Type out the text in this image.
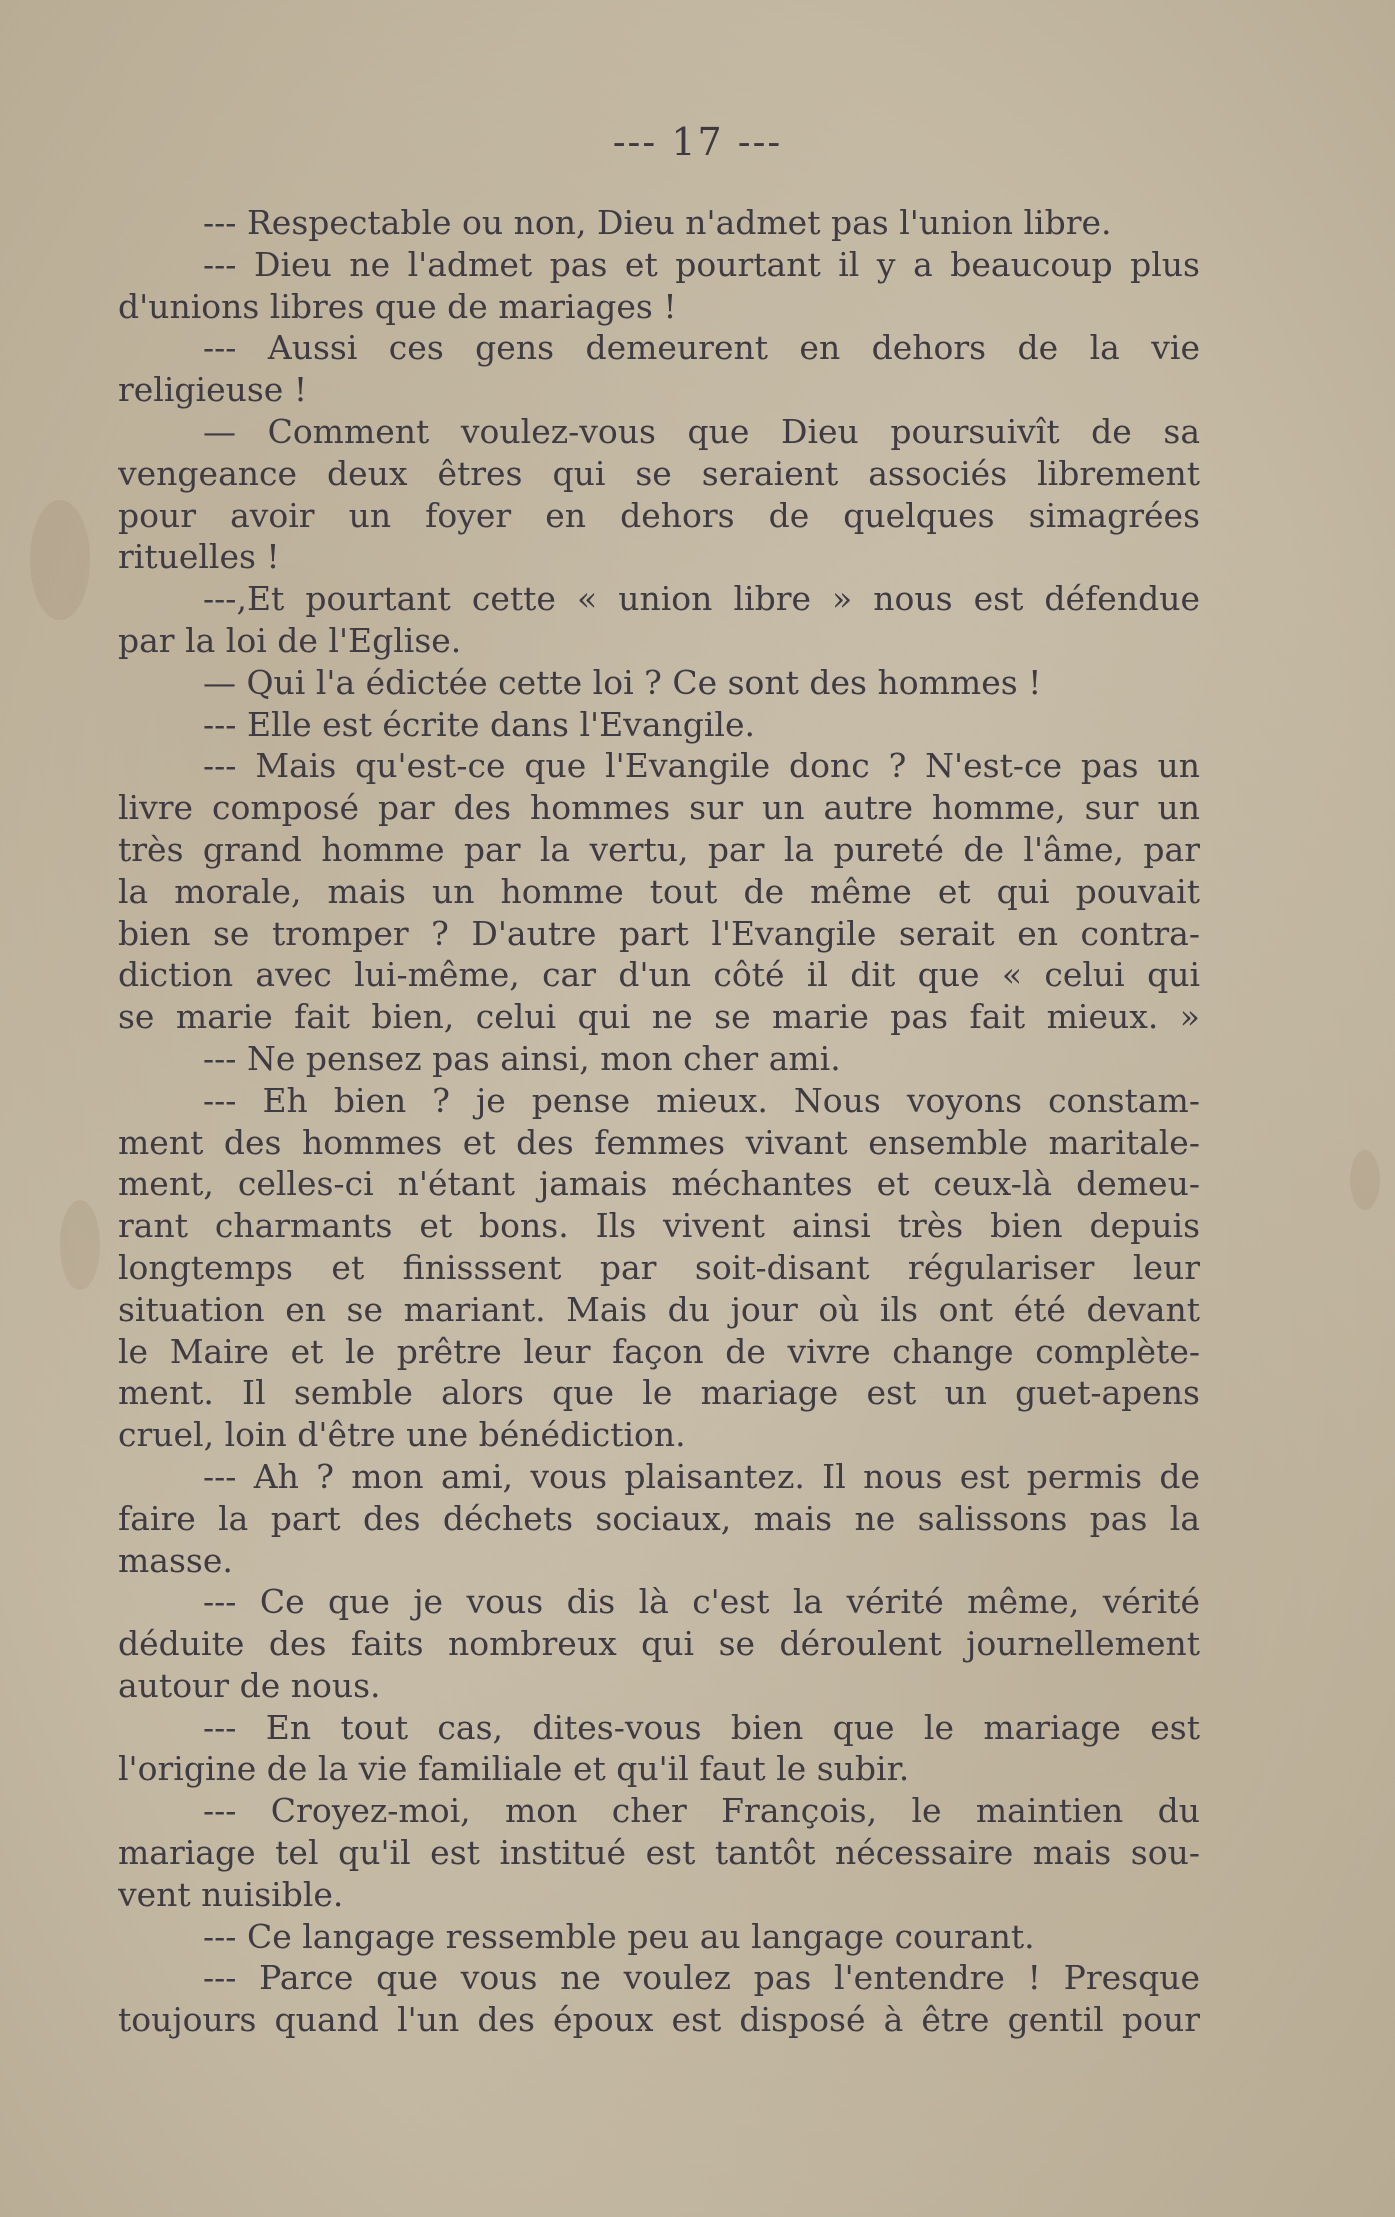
--- 17 ---
--- Respectable ou non, Dieu n'admet pas l'union libre.
--- Dieu ne l'admet pas et pourtant il y a beaucoup plus
d'unions libres que de mariages !
--- Aussi ces gens demeurent en dehors de la vie
religieuse !
— Comment voulez-vous que Dieu poursuivît de sa
vengeance deux êtres qui se seraient associés librement
pour avoir un foyer en dehors de quelques simagrées
rituelles !
---,Et pourtant cette « union libre » nous est défendue
par la loi de l'Eglise.
— Qui l'a édictée cette loi ? Ce sont des hommes !
--- Elle est écrite dans l'Evangile.
--- Mais qu'est-ce que l'Evangile donc ? N'est-ce pas un
livre composé par des hommes sur un autre homme, sur un
très grand homme par la vertu, par la pureté de l'âme, par
la morale, mais un homme tout de même et qui pouvait
bien se tromper ? D'autre part l'Evangile serait en contra-
diction avec lui-même, car d'un côté il dit que « celui qui
se marie fait bien, celui qui ne se marie pas fait mieux. »
--- Ne pensez pas ainsi, mon cher ami.
--- Eh bien ? je pense mieux. Nous voyons constam-
ment des hommes et des femmes vivant ensemble maritale-
ment, celles-ci n'étant jamais méchantes et ceux-là demeu-
rant charmants et bons. Ils vivent ainsi très bien depuis
longtemps et finisssent par soit-disant régulariser leur
situation en se mariant. Mais du jour où ils ont été devant
le Maire et le prêtre leur façon de vivre change complète-
ment. Il semble alors que le mariage est un guet-apens
cruel, loin d'être une bénédiction.
--- Ah ? mon ami, vous plaisantez. Il nous est permis de
faire la part des déchets sociaux, mais ne salissons pas la
masse.
--- Ce que je vous dis là c'est la vérité même, vérité
déduite des faits nombreux qui se déroulent journellement
autour de nous.
--- En tout cas, dites-vous bien que le mariage est
l'origine de la vie familiale et qu'il faut le subir.
--- Croyez-moi, mon cher François, le maintien du
mariage tel qu'il est institué est tantôt nécessaire mais sou-
vent nuisible.
--- Ce langage ressemble peu au langage courant.
--- Parce que vous ne voulez pas l'entendre ! Presque
toujours quand l'un des époux est disposé à être gentil pour
